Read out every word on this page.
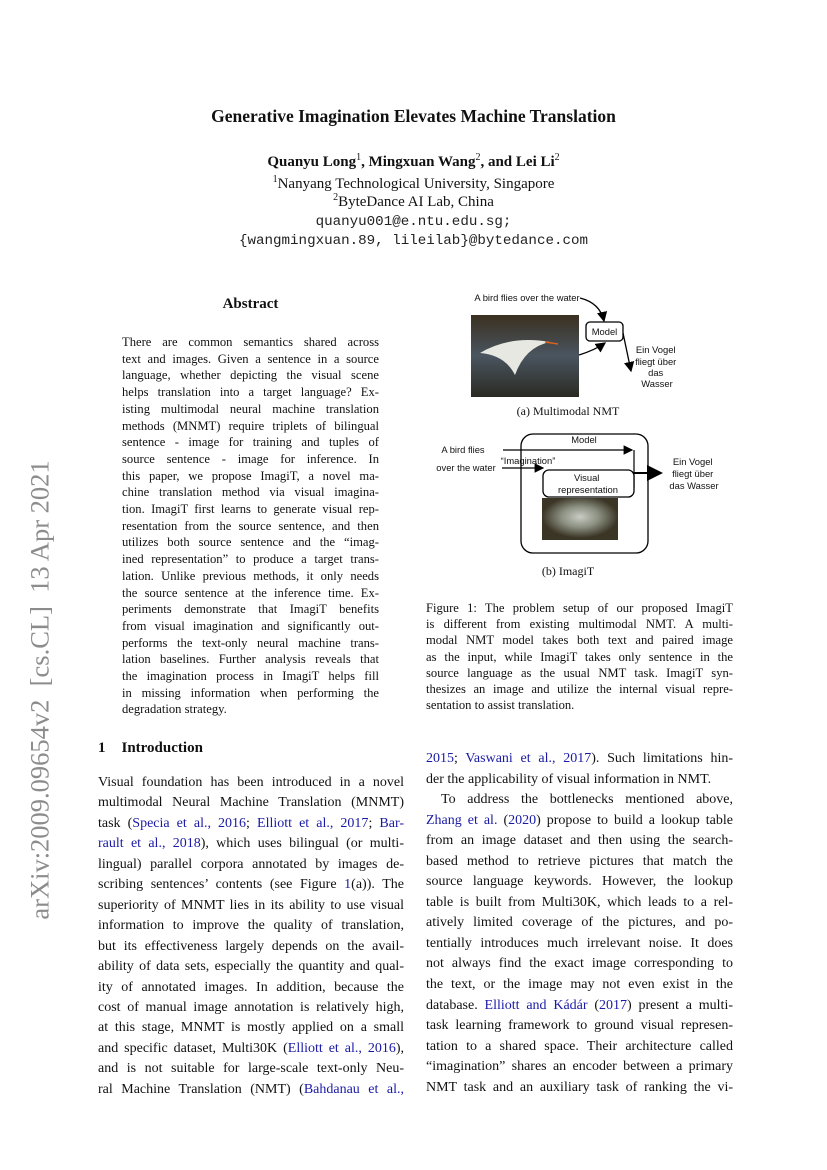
arXiv:2009.09654v2  [cs.CL]  13 Apr 2021
Generative Imagination Elevates Machine Translation
Quanyu Long$^1$, Mingxuan Wang$^2$, and Lei Li$^2$
$^1$Nanyang Technological University, Singapore
$^2$ByteDance AI Lab, China
quanyu001@e.ntu.edu.sg;
{wangmingxuan.89, lileilab}@bytedance.com
Abstract
There are common semantics shared across
text and images. Given a sentence in a source
language, whether depicting the visual scene
helps translation into a target language? Ex-
isting multimodal neural machine translation
methods (MNMT) require triplets of bilingual
sentence - image for training and tuples of
source sentence - image for inference. In
this paper, we propose ImagiT, a novel ma-
chine translation method via visual imagina-
tion. ImagiT first learns to generate visual rep-
resentation from the source sentence, and then
utilizes both source sentence and the “imag-
ined representation” to produce a target trans-
lation. Unlike previous methods, it only needs
the source sentence at the inference time. Ex-
periments demonstrate that ImagiT benefits
from visual imagination and significantly out-
performs the text-only neural machine trans-
lation baselines. Further analysis reveals that
the imagination process in ImagiT helps fill
in missing information when performing the
degradation strategy.
A bird flies over the water
Model
Ein Vogel fliegt über das Wasser
(a) Multimodal NMT
Model
A bird flies
over the water
“Imagination”
Visual representation
Ein Vogel fliegt über das Wasser
(b) ImagiT
Figure 1: The problem setup of our proposed ImagiT
is different from existing multimodal NMT. A multi-
modal NMT model takes both text and paired image
as the input, while ImagiT takes only sentence in the
source language as the usual NMT task. ImagiT syn-
thesizes an image and utilize the internal visual repre-
sentation to assist translation.
1 Introduction
Visual foundation has been introduced in a novel
multimodal Neural Machine Translation (MNMT)
task (Specia et al., 2016; Elliott et al., 2017; Bar-
rault et al., 2018), which uses bilingual (or multi-
lingual) parallel corpora annotated by images de-
scribing sentences’ contents (see Figure 1(a)). The
superiority of MNMT lies in its ability to use visual
information to improve the quality of translation,
but its effectiveness largely depends on the avail-
ability of data sets, especially the quantity and qual-
ity of annotated images. In addition, because the
cost of manual image annotation is relatively high,
at this stage, MNMT is mostly applied on a small
and specific dataset, Multi30K (Elliott et al., 2016),
and is not suitable for large-scale text-only Neu-
ral Machine Translation (NMT) (Bahdanau et al.,
2015; Vaswani et al., 2017). Such limitations hin-
der the applicability of visual information in NMT.
To address the bottlenecks mentioned above,
Zhang et al. (2020) propose to build a lookup table
from an image dataset and then using the search-
based method to retrieve pictures that match the
source language keywords. However, the lookup
table is built from Multi30K, which leads to a rel-
atively limited coverage of the pictures, and po-
tentially introduces much irrelevant noise. It does
not always find the exact image corresponding to
the text, or the image may not even exist in the
database. Elliott and Kádár (2017) present a multi-
task learning framework to ground visual represen-
tation to a shared space. Their architecture called
“imagination” shares an encoder between a primary
NMT task and an auxiliary task of ranking the vi-
